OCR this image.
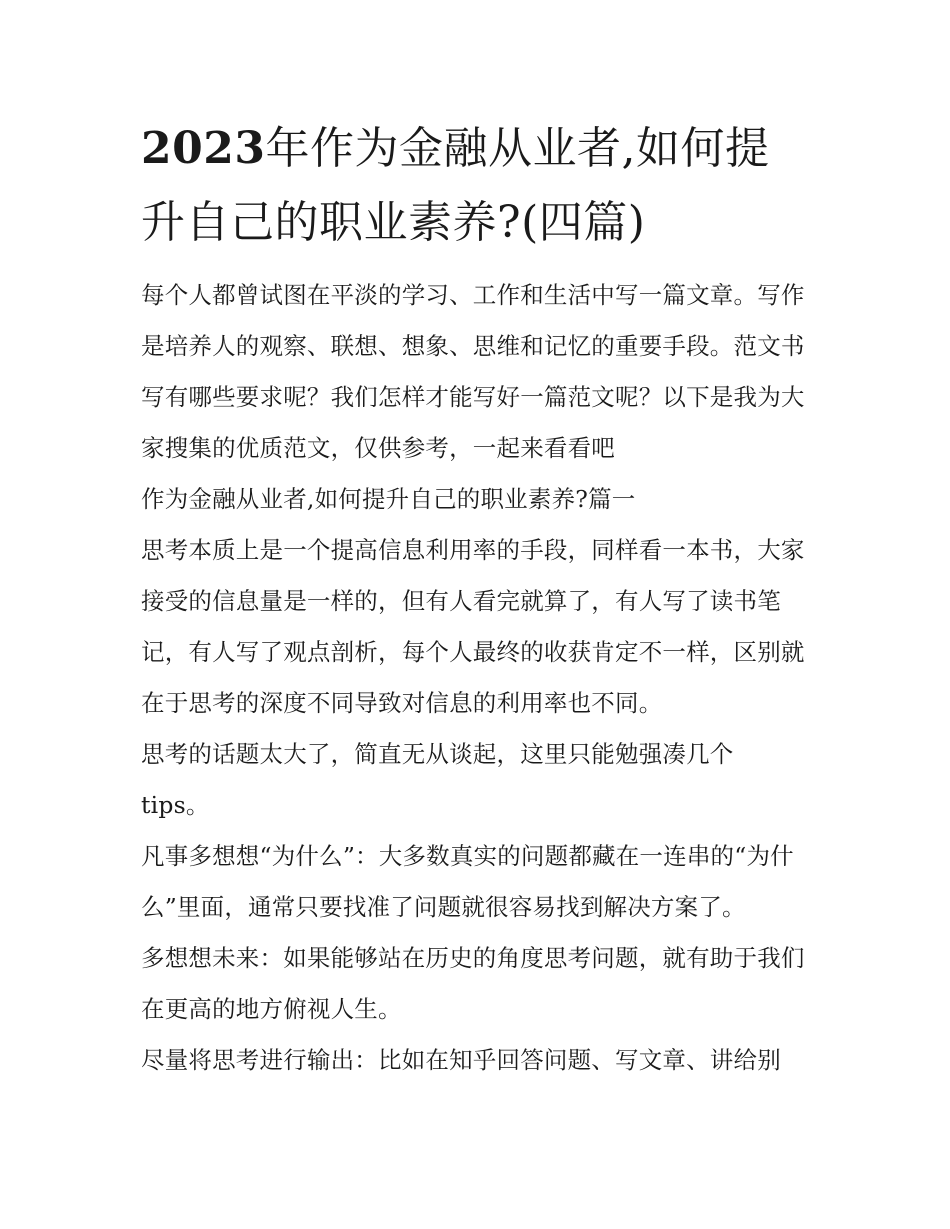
2023年作为金融从业者,如何提升自己的职业素养?(四篇)

每个人都曾试图在平淡的学习、工作和生活中写一篇文章。写作是培养人的观察、联想、想象、思维和记忆的重要手段。范文书写有哪些要求呢？我们怎样才能写好一篇范文呢？以下是我为大家搜集的优质范文，仅供参考，一起来看看吧

作为金融从业者,如何提升自己的职业素养?篇一

思考本质上是一个提高信息利用率的手段，同样看一本书，大家接受的信息量是一样的，但有人看完就算了，有人写了读书笔记，有人写了观点剖析，每个人最终的收获肯定不一样，区别就在于思考的深度不同导致对信息的利用率也不同。

思考的话题太大了，简直无从谈起，这里只能勉强凑几个tips。

凡事多想想“为什么”：大多数真实的问题都藏在一连串的“为什么”里面，通常只要找准了问题就很容易找到解决方案了。

多想想未来：如果能够站在历史的角度思考问题，就有助于我们在更高的地方俯视人生。

尽量将思考进行输出：比如在知乎回答问题、写文章、讲给别
